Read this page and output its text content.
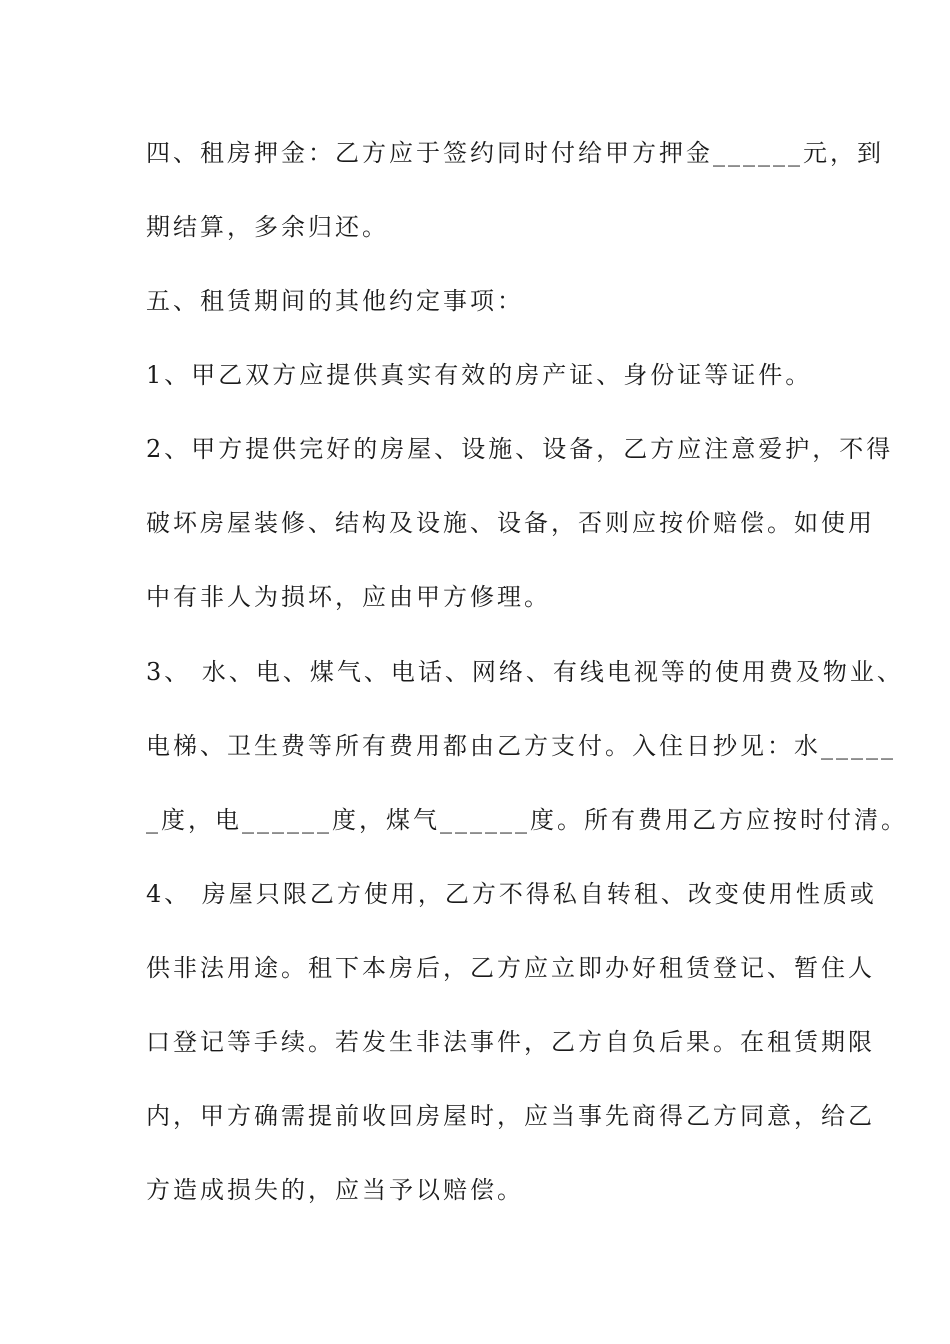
四、租房押金：乙方应于签约同时付给甲方押金______元，到
期结算，多余归还。
五、租赁期间的其他约定事项：
1、甲乙双方应提供真实有效的房产证、身份证等证件。
2、甲方提供完好的房屋、设施、设备，乙方应注意爱护，不得
破坏房屋装修、结构及设施、设备，否则应按价赔偿。如使用
中有非人为损坏，应由甲方修理。
3、 水、电、煤气、电话、网络、有线电视等的使用费及物业、
电梯、卫生费等所有费用都由乙方支付。入住日抄见：水_____
_度，电______度，煤气______度。所有费用乙方应按时付清。
4、 房屋只限乙方使用，乙方不得私自转租、改变使用性质或
供非法用途。租下本房后，乙方应立即办好租赁登记、暂住人
口登记等手续。若发生非法事件，乙方自负后果。在租赁期限
内，甲方确需提前收回房屋时，应当事先商得乙方同意，给乙
方造成损失的，应当予以赔偿。
